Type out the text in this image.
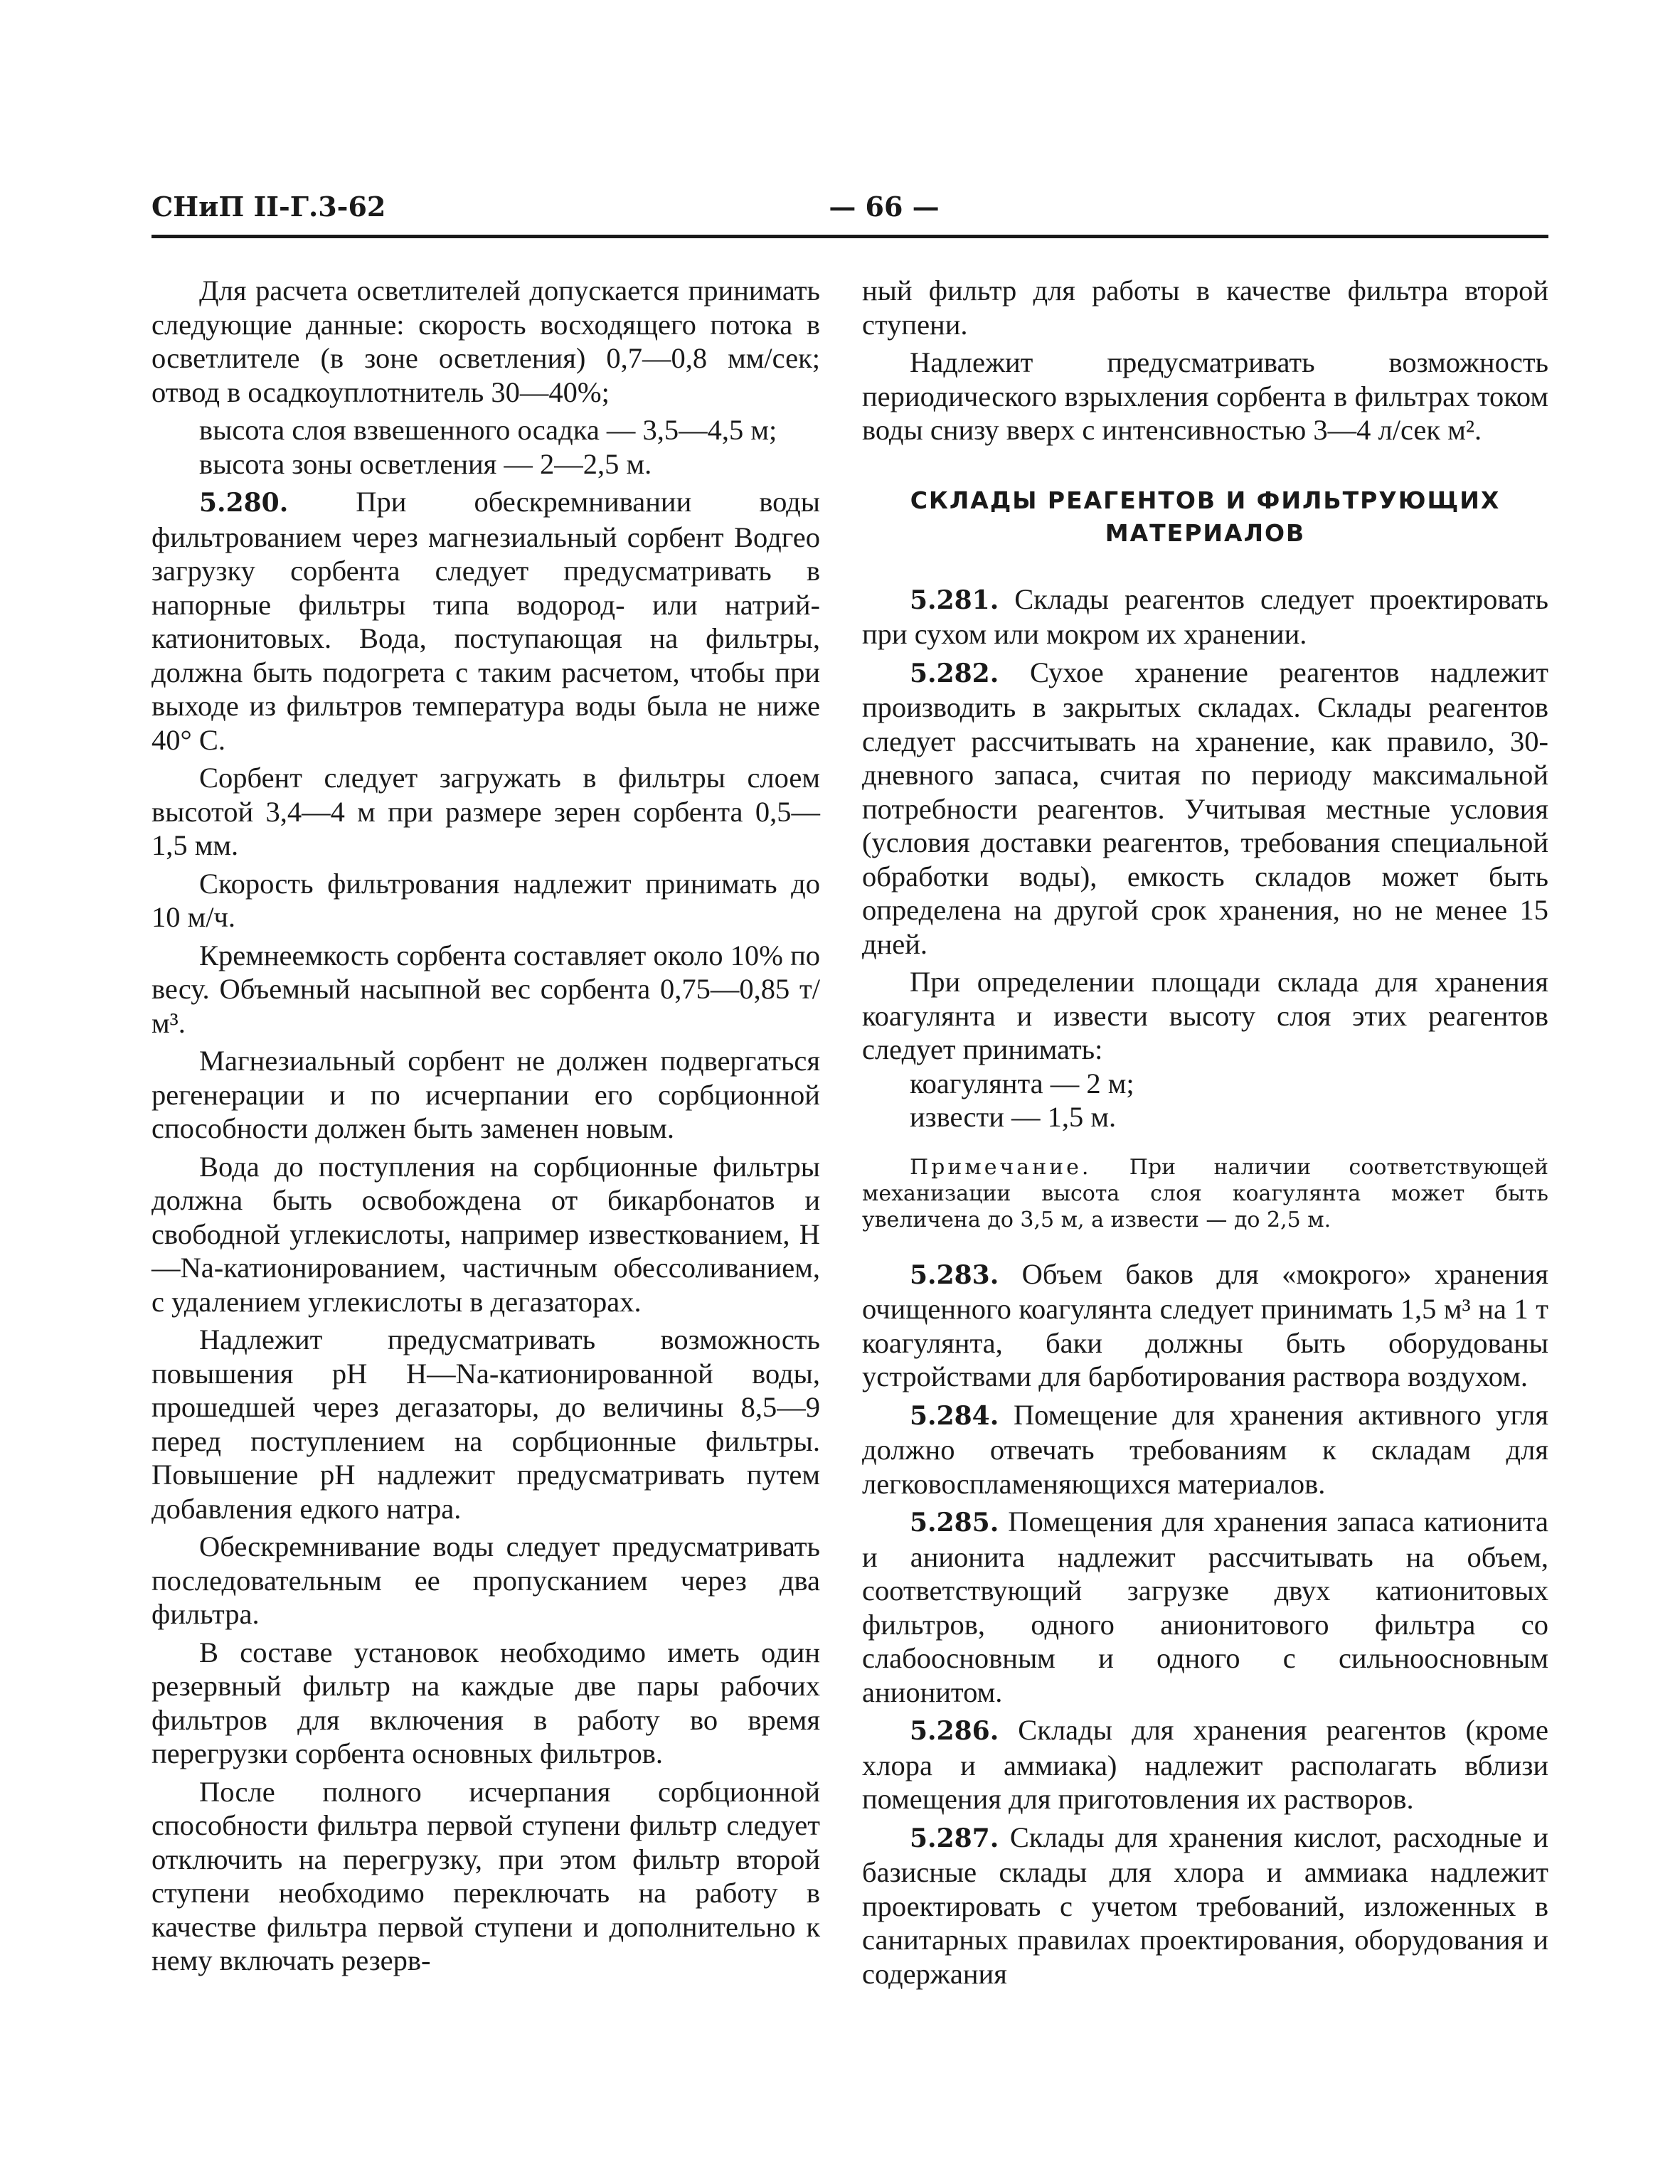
СНиП II-Г.3-62	— 66 —

Для расчета осветлителей допускается принимать следующие данные: скорость восходящего потока в осветлителе (в зоне осветления) 0,7—0,8 мм/сек; отвод в осадкоуплотнитель 30—40%;

высота слоя взвешенного осадка — 3,5—4,5 м;

высота зоны осветления — 2—2,5 м.

5.280. При обескремнивании воды фильтрованием через магнезиальный сорбент Водгео загрузку сорбента следует предусматривать в напорные фильтры типа водород- или натрий-катионитовых. Вода, поступающая на фильтры, должна быть подогрета с таким расчетом, чтобы при выходе из фильтров температура воды была не ниже 40° С.

Сорбент следует загружать в фильтры слоем высотой 3,4—4 м при размере зерен сорбента 0,5—1,5 мм.

Скорость фильтрования надлежит принимать до 10 м/ч.

Кремнеемкость сорбента составляет около 10% по весу. Объемный насыпной вес сорбента 0,75—0,85 т/м³.

Магнезиальный сорбент не должен подвергаться регенерации и по исчерпании его сорбционной способности должен быть заменен новым.

Вода до поступления на сорбционные фильтры должна быть освобождена от бикарбонатов и свободной углекислоты, например известкованием, H—Na-катионированием, частичным обессоливанием, с удалением углекислоты в дегазаторах.

Надлежит предусматривать возможность повышения pH H—Na-катионированной воды, прошедшей через дегазаторы, до величины 8,5—9 перед поступлением на сорбционные фильтры. Повышение pH надлежит предусматривать путем добавления едкого натра.

Обескремнивание воды следует предусматривать последовательным ее пропусканием через два фильтра.

В составе установок необходимо иметь один резервный фильтр на каждые две пары рабочих фильтров для включения в работу во время перегрузки сорбента основных фильтров.

После полного исчерпания сорбционной способности фильтра первой ступени фильтр следует отключить на перегрузку, при этом фильтр второй ступени необходимо переключать на работу в качестве фильтра первой ступени и дополнительно к нему включать резерв-

ный фильтр для работы в качестве фильтра второй ступени.

Надлежит предусматривать возможность периодического взрыхления сорбента в фильтрах током воды снизу вверх с интенсивностью 3—4 л/сек м².

СКЛАДЫ РЕАГЕНТОВ И ФИЛЬТРУЮЩИХ МАТЕРИАЛОВ

5.281. Склады реагентов следует проектировать при сухом или мокром их хранении.

5.282. Сухое хранение реагентов надлежит производить в закрытых складах. Склады реагентов следует рассчитывать на хранение, как правило, 30-дневного запаса, считая по периоду максимальной потребности реагентов. Учитывая местные условия (условия доставки реагентов, требования специальной обработки воды), емкость складов может быть определена на другой срок хранения, но не менее 15 дней.

При определении площади склада для хранения коагулянта и извести высоту слоя этих реагентов следует принимать:

коагулянта — 2 м;

извести — 1,5 м.

Примечание. При наличии соответствующей механизации высота слоя коагулянта может быть увеличена до 3,5 м, а извести — до 2,5 м.

5.283. Объем баков для «мокрого» хранения очищенного коагулянта следует принимать 1,5 м³ на 1 т коагулянта, баки должны быть оборудованы устройствами для барботирования раствора воздухом.

5.284. Помещение для хранения активного угля должно отвечать требованиям к складам для легковоспламеняющихся материалов.

5.285. Помещения для хранения запаса катионита и анионита надлежит рассчитывать на объем, соответствующий загрузке двух катионитовых фильтров, одного анионитового фильтра со слабоосновным и одного с сильноосновным анионитом.

5.286. Склады для хранения реагентов (кроме хлора и аммиака) надлежит располагать вблизи помещения для приготовления их растворов.

5.287. Склады для хранения кислот, расходные и базисные склады для хлора и аммиака надлежит проектировать с учетом требований, изложенных в санитарных правилах проектирования, оборудования и содержания
